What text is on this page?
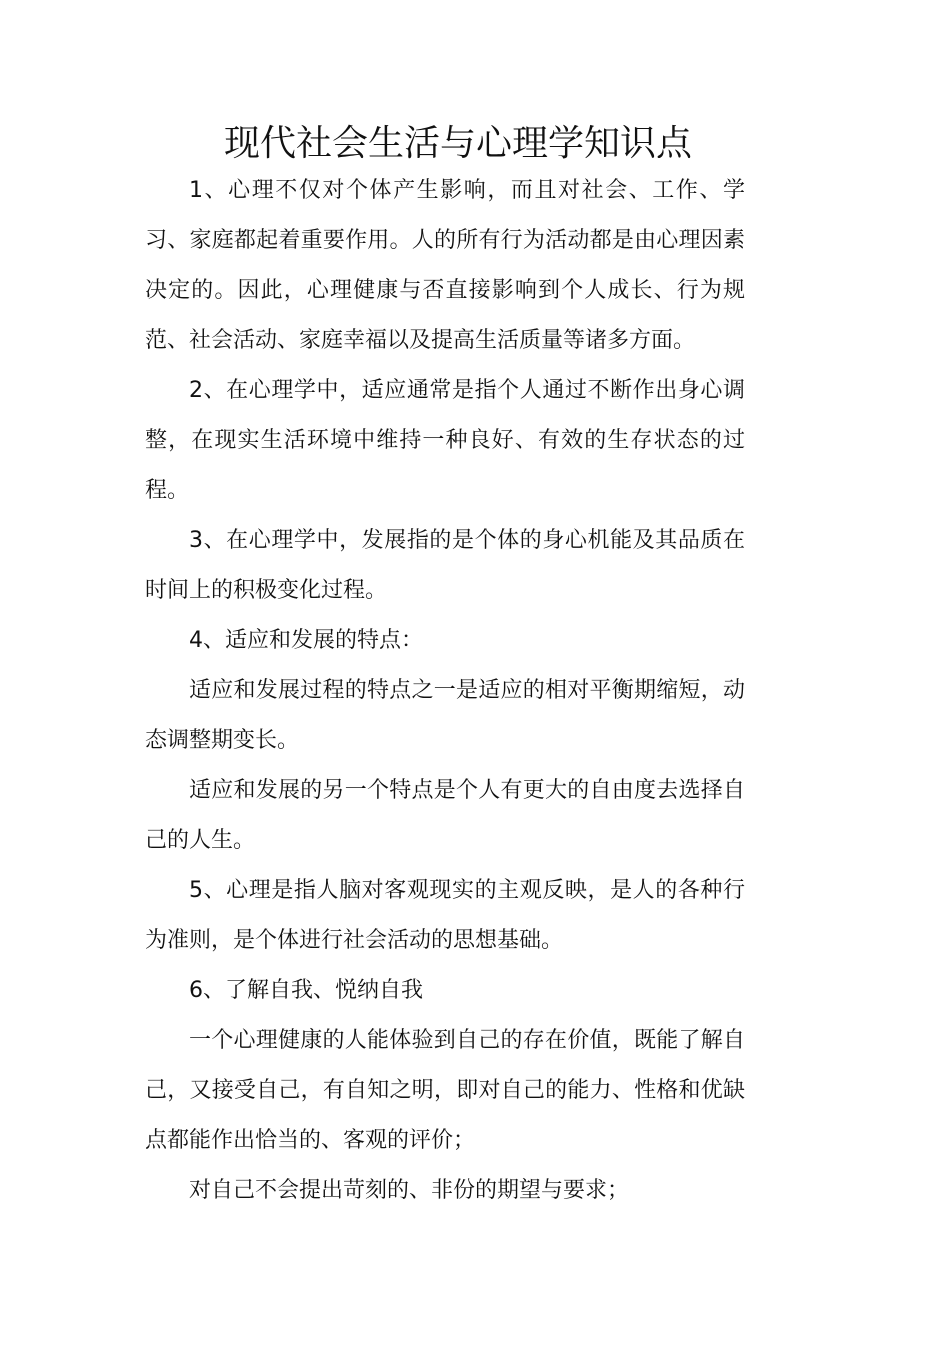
现代社会生活与心理学知识点

1、心理不仅对个体产生影响，而且对社会、工作、学习、家庭都起着重要作用。人的所有行为活动都是由心理因素决定的。因此，心理健康与否直接影响到个人成长、行为规范、社会活动、家庭幸福以及提高生活质量等诸多方面。

2、在心理学中，适应通常是指个人通过不断作出身心调整，在现实生活环境中维持一种良好、有效的生存状态的过程。

3、在心理学中，发展指的是个体的身心机能及其品质在时间上的积极变化过程。

4、适应和发展的特点：

适应和发展过程的特点之一是适应的相对平衡期缩短，动态调整期变长。

适应和发展的另一个特点是个人有更大的自由度去选择自己的人生。

5、心理是指人脑对客观现实的主观反映，是人的各种行为准则，是个体进行社会活动的思想基础。

6、了解自我、悦纳自我

一个心理健康的人能体验到自己的存在价值，既能了解自己，又接受自己，有自知之明，即对自己的能力、性格和优缺点都能作出恰当的、客观的评价；

对自己不会提出苛刻的、非份的期望与要求；
